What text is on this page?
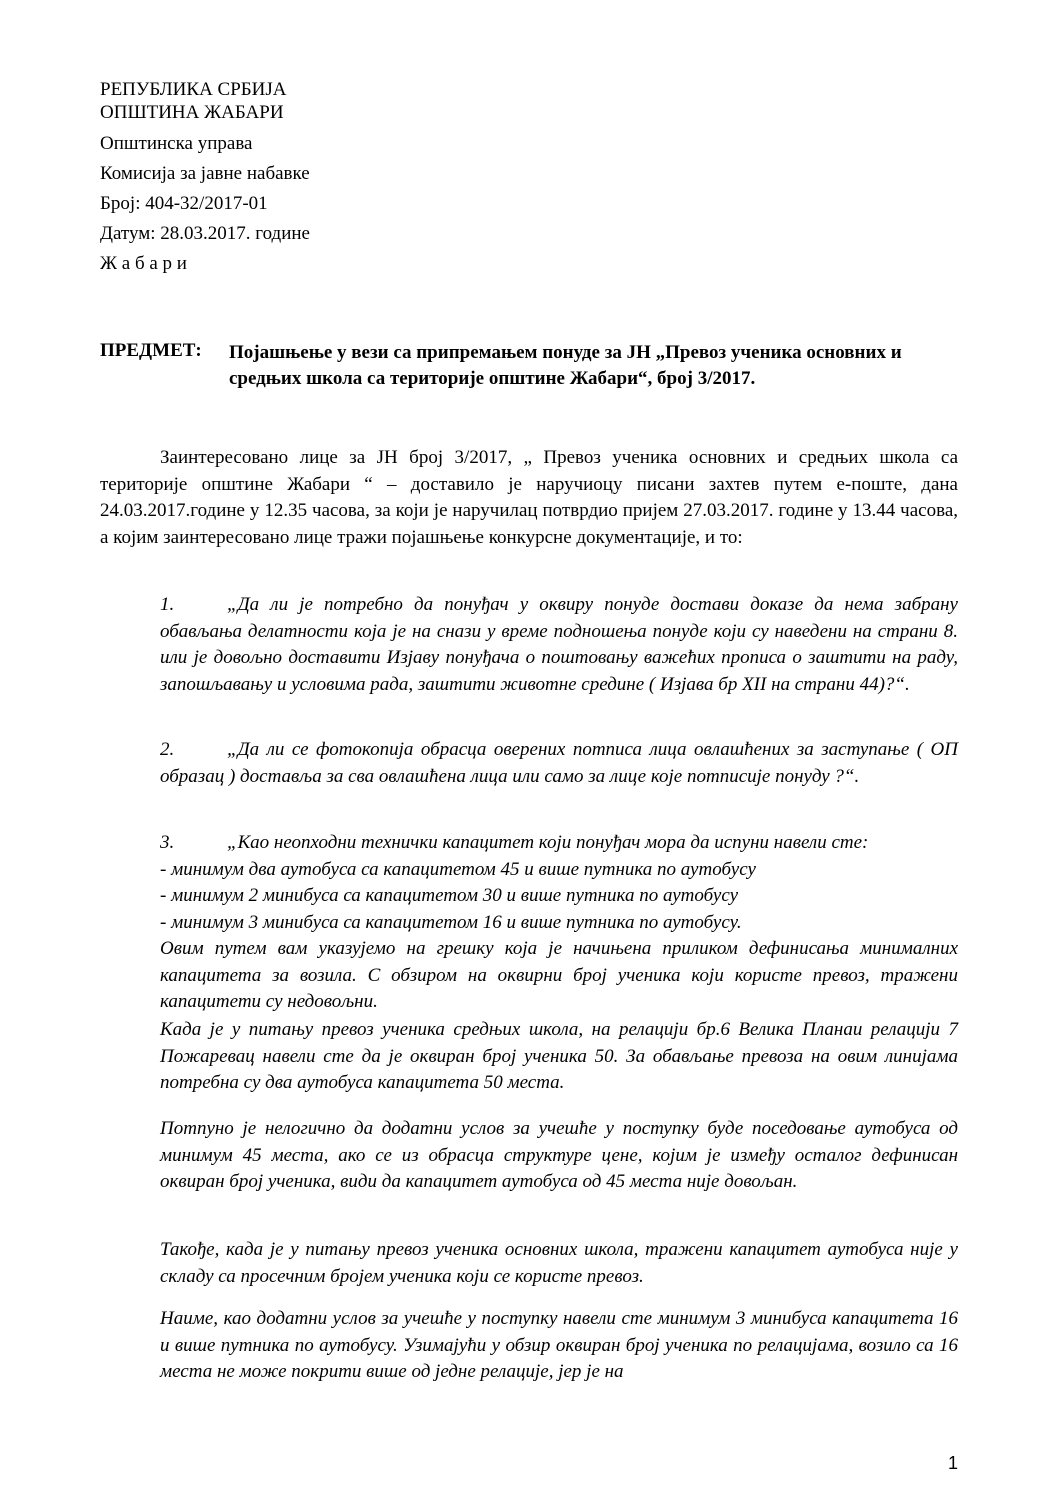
РЕПУБЛИКА СРБИЈА
ОПШТИНА ЖАБАРИ
Општинска управа
Комисија за јавне набавке
Број: 404-32/2017-01
Датум: 28.03.2017. године
Ж а б а р и
ПРЕДМЕТ: Појашњење у вези са припремањем понуде за ЈН „Превоз ученика основних и средњих школа са територије општине Жабари“, број 3/2017.
Заинтересовано лице за ЈН број 3/2017, „ Превоз ученика основних и средњих школа са територије општине Жабари “ – доставило је наручиоцу писани захтев путем е-поште, дана 24.03.2017.године у 12.35 часова, за који је наручилац потврдио пријем 27.03.2017. године у 13.44 часова, а којим заинтересовано лице тражи појашњење конкурсне документације, и то:
1.	„Да ли је потребно да понуђач у оквиру понуде достави доказе да нема забрану обављања делатности која је на снази у време подношења понуде који су наведени на страни 8. или је довољно доставити Изјаву понуђача о поштовању важећих прописа о заштити на раду, запошљавању и условима рада, заштити животне средине ( Изјава бр XII на страни 44)?“.
2.	„Да ли се фотокопија обрасца оверених потписа лица овлашћених за заступање ( ОП образац ) доставља за сва овлашћена лица или само за лице које потписије понуду ?“.
3.	„Као неопходни технички капацитет који понуђач мора да испуни навели сте:
- минимум два аутобуса са капацитетом 45 и више путника по аутобусу
- минимум 2 минибуса са капацитетом 30 и више путника по аутобусу
- минимум 3 минибуса са капацитетом 16 и више путника по аутобусу.
Овим путем вам указујемо на грешку која је начињена приликом дефинисања минималних капацитета за возила. С обзиром на оквирни број ученика који користе превоз, тражени капацитети су недовољни.
Када је у питању превоз ученика средњих школа, на релацији бр.6 Велика Планаи релацији 7 Пожаревац навели сте да је оквиран број ученика 50. За обављање превоза на овим линијама потребна су два аутобуса капацитета 50 места.
Потпуно је нелогично да додатни услов за учешће у поступку буде поседовање аутобуса од минимум 45 места, ако се из обрасца структуре цене, којим је између осталог дефинисан оквиран број ученика, види да капацитет аутобуса од 45 места није довољан.
Такође, када је у питању превоз ученика основних школа, тражени капацитет аутобуса није у складу са просечним бројем ученика који се користе превоз.
Наиме, као додатни услов за учешће у поступку навели сте минимум 3 минибуса капацитета 16 и више путника по аутобусу. Узимајући у обзир оквиран број ученика по релацијама, возило са 16 места не може покрити више од једне релације, јер је на
1
